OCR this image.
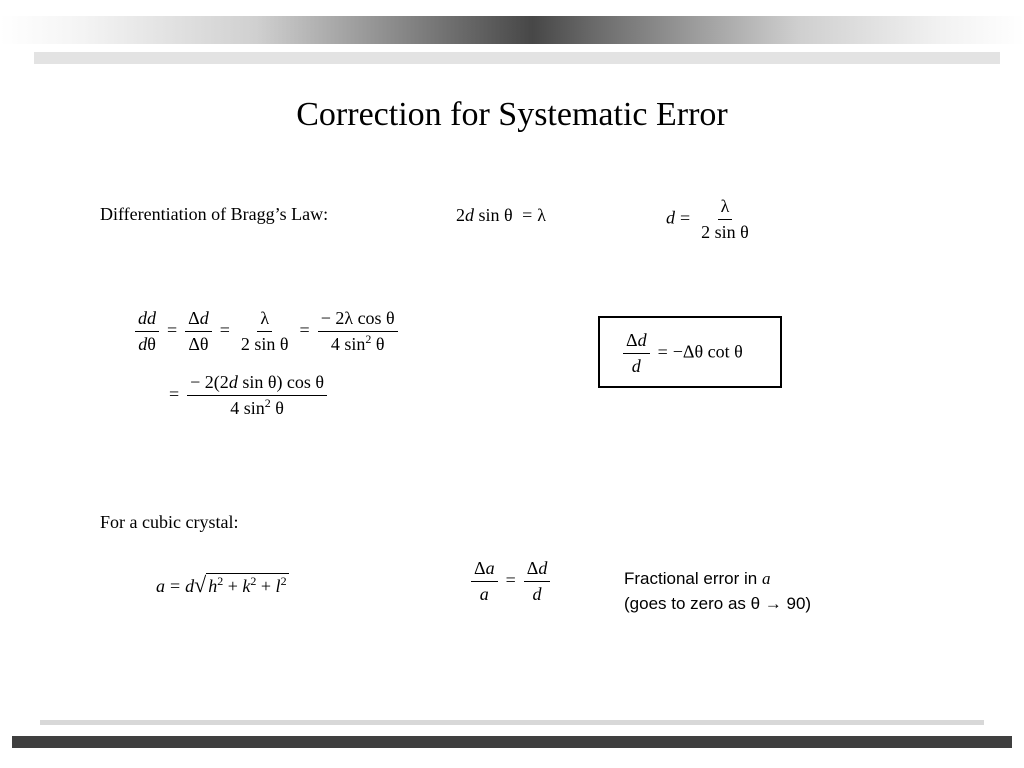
Correction for Systematic Error
Differentiation of Bragg’s Law:	2d sin θ = λ	$d = \frac{\lambda}{\text{2 sin θ}}$
$\frac{dd}{d\theta} = \frac{\Delta d}{\Delta\theta} = \frac{\lambda}{\text{2 sin θ}} = \frac{\text{− 2λ cos θ}}{4 \sin^2 \theta}$
= $\frac{\text{− 2(2d sin θ) cos θ}}{4 \sin^2 \theta}$
$\frac{\Delta d}{d} = -\Delta\theta$ cot θ
For a cubic crystal:
a = d√ $h^2 + k^2 + l^2$	$\frac{\Delta a}{a} = \frac{\Delta d}{d}$	Fractional error in a
(goes to zero as θ → 90)
